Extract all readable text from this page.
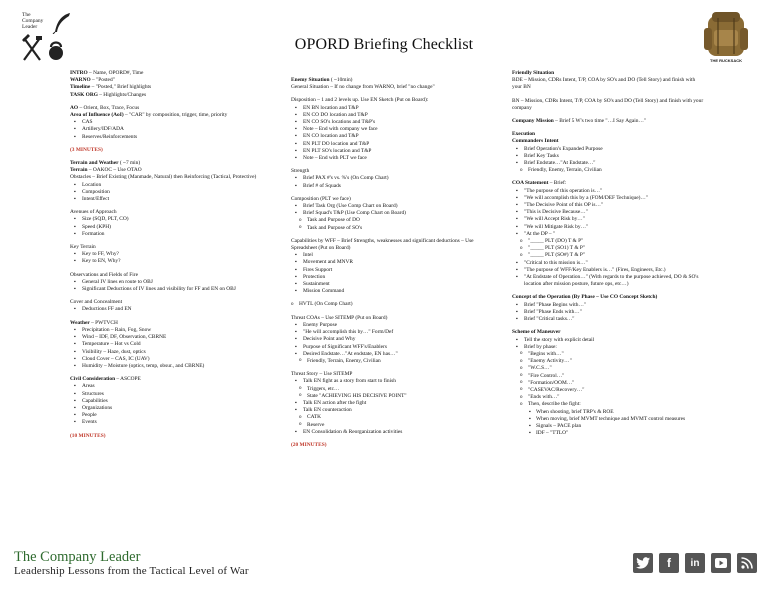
The
Company
Leader
OPORD Briefing Checklist
THE RUCKSACK
INTRO – Name, OPORD#, Time
WARNO – "Posted"
Timeline – "Posted," Brief highlights
TASK ORG – Highlights/Changes
AO – Orient, Box, Trace, Focus
Area of Influence (AoI) – "CAR" by composition, trigger, time, priority
▪ CAS
▪ Artillery/IDF/ADA
▪ Reserves/Reinforcements
(3 MINUTES)
Terrain and Weather ( ~7 min)
Terrain – OAKOC – Use OTAO
Obstacles – Brief Existing (Manmade, Natural) then Reinforcing (Tactical, Protective)
▪ Location
▪ Composition
▪ Intent/Effect
Avenues of Approach
▪ Size (SQD, PLT, CO)
▪ Speed (KPH)
▪ Formation
Key Terrain
▪ Key to FF, Why?
▪ Key to EN, Why?
Observations and Fields of Fire
▪ General IV lines en route to OBJ
▪ Significant Deductions of IV lines and visibility for FF and EN on OBJ
Cover and Concealment
▪ Deductions FF and EN
Weather – PWTVCH
▪ Precipitation – Rain, Fog, Snow
▪ Wind – IDF, DF, Observation, CBRNE
▪ Temperature – Hot vs Cold
▪ Visibility – Haze, dust, optics
▪ Cloud Cover – CAS, IC (UAV)
▪ Humidity – Moisture (optics, temp, obsur., and CBRNE)
Civil Consideration – ASCOPE
▪ Areas
▪ Structures
▪ Capabilities
▪ Organizations
▪ People
▪ Events
(10 MINUTES)
Enemy Situation ( ~10min)
General Situation – If no change from WARNO, brief "no change"
Disposition – 1 and 2 levels up. Use EN Sketch (Put on Board):
▪ EN BN location and T&P
▪ EN CO DO location and T&P
▪ EN CO SO's locations and T&P's
▪ Note – End with company we face
▪ EN CO location and T&P
▪ EN PLT DO location and T&P
▪ EN PLT SO's location and T&P
▪ Note – End with PLT we face
Strength
▪ Brief PAX #'s vs. %'s (On Comp Chart)
▪ Brief # of Squads
Composition (PLT we face)
▪ Brief Task Org (Use Comp Chart on Board)
▪ Brief Squad's T&P (Use Comp Chart on Board)
o Task and Purpose of DO
o Task and Purpose of SO's
Capabilities by WFF – Brief Strengths, weaknesses and significant deductions – Use Spreadsheet (Put on Board)
▪ Intel
▪ Movement and MNVR
▪ Fires Support
▪ Protection
▪ Sustainment
▪ Mission Command
o HVTL (On Comp Chart)
Threat COAs – Use SITEMP (Put on Board)
▪ Enemy Purpose
▪ "He will accomplish this by…" Form/Def
▪ Decisive Point and Why
▪ Purpose of Significant WFF's/Enablers
▪ Desired Endstate…"At endstate, EN has…"
o Friendly, Terrain, Enemy, Civilian
Threat Story – Use SITEMP
▪ Talk EN fight as a story from start to finish
o Triggers, etc…
o State "ACHIEVING HIS DECISIVE POINT"
▪ Talk EN action after the fight
▪ Talk EN counteraction
o CATK
o Reserve
▪ EN Consolidation & Reorganization activities
(20 MINUTES)
Friendly Situation
BDE – Mission, CDRs Intent, T/P, COA by SO's and DO (Tell Story) and finish with your BN
BN – Mission, CDRs Intent, T/P, COA by SO's and DO (Tell Story) and finish with your company
Company Mission – Brief 5 W's two time "…I Say Again…"
Execution
Commanders Intent
▪ Brief Operation's Expanded Purpose
▪ Brief Key Tasks
▪ Brief Endstate…"At Endstate…"
o Friendly, Enemy, Terrain, Civilian
COA Statement – Brief:
▪ "The purpose of this operation is…"
▪ "We will accomplish this by a (FOM/DEF Technique)…"
▪ "The Decisive Point of this OP is…"
▪ "This is Decisive Because…"
▪ "We will Accept Risk by…"
▪ "We will Mitigate Risk by…"
▪ "At the DP – "
o "_____ PLT (DO) T & P"
o "_____ PLT (SO1) T & P"
o "_____ PLT (SO#) T & P"
▪ "Critical to this mission is…"
▪ "The purpose of WFF/Key Enablers is…" (Fires, Engineers, Etc.)
▪ "At Endstate of Operation…" (With regards to the purpose achieved, DO & SO's location after mission posture, future ops, etc…)
Concept of the Operation (By Phase – Use CO Concept Sketch)
▪ Brief "Phase Begins with…"
▪ Brief "Phase Ends with…"
▪ Brief "Critical tasks…"
Scheme of Maneuver
▪ Tell the story with explicit detail
▪ Brief by phase:
o "Begins with…"
o "Enemy Activity…"
o "W.C.S…"
o "Fire Control…"
o "Formation/OOM…"
o "CASEVAC/Recovery…"
o "Ends with…"
o Then, describe the fight:
▪ When shooting, brief TRP's & ROE
▪ When moving, brief MVMT technique and MVMT control measures
▪ Signals – PACE plan
▪ IDF – "TTLO"
The Company Leader
Leadership Lessons from the Tactical Level of War
f	in
